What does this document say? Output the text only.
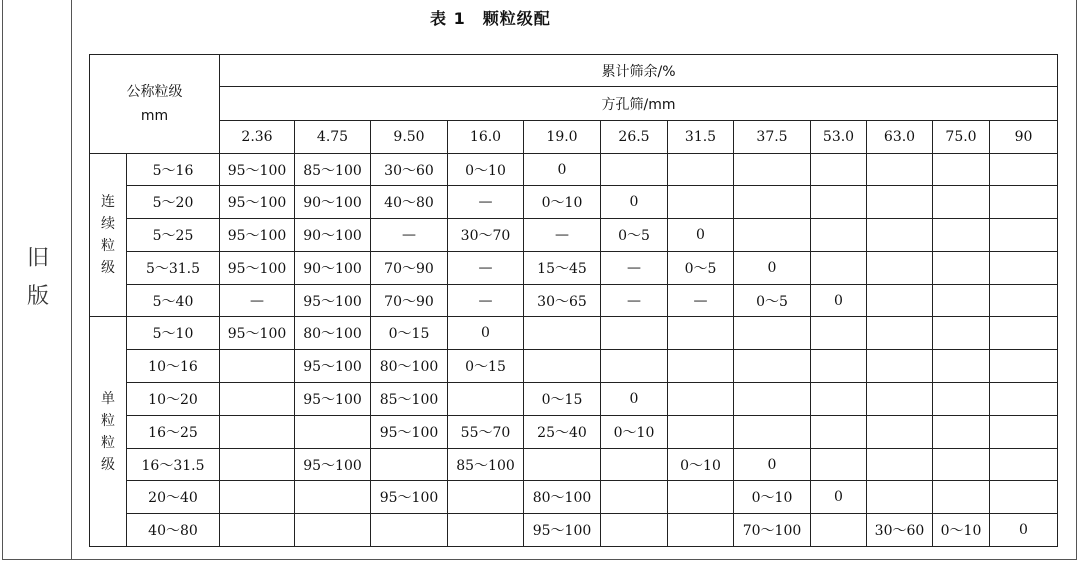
旧
版
表 1　颗粒级配
公称粒级
mm		累计筛余/%											
		方孔筛/mm											
		2.36	4.75	9.50	16.0	19.0	26.5	31.5	37.5	53.0	63.0	75.0	90

连
续
粒
级	5～16	95～100	85～100	30～60	0～10	0							
	5～20	95～100	90～100	40～80	—	0～10	0						
	5～25	95～100	90～100	—	30～70	—	0～5	0					
	5～31.5	95～100	90～100	70～90	—	15～45	—	0～5	0				
	5～40	—	95～100	70～90	—	30～65	—	—	0～5	0			

单
粒
粒
级	5～10	95～100	80～100	0～15	0								
	10～16		95～100	80～100	0～15								
	10～20		95～100	85～100		0～15	0						
	16～25			95～100	55～70	25～40	0～10						
	16～31.5		95～100		85～100			0～10	0				
	20～40			95～100		80～100			0～10	0			
	40～80					95～100			70～100		30～60	0～10	0
